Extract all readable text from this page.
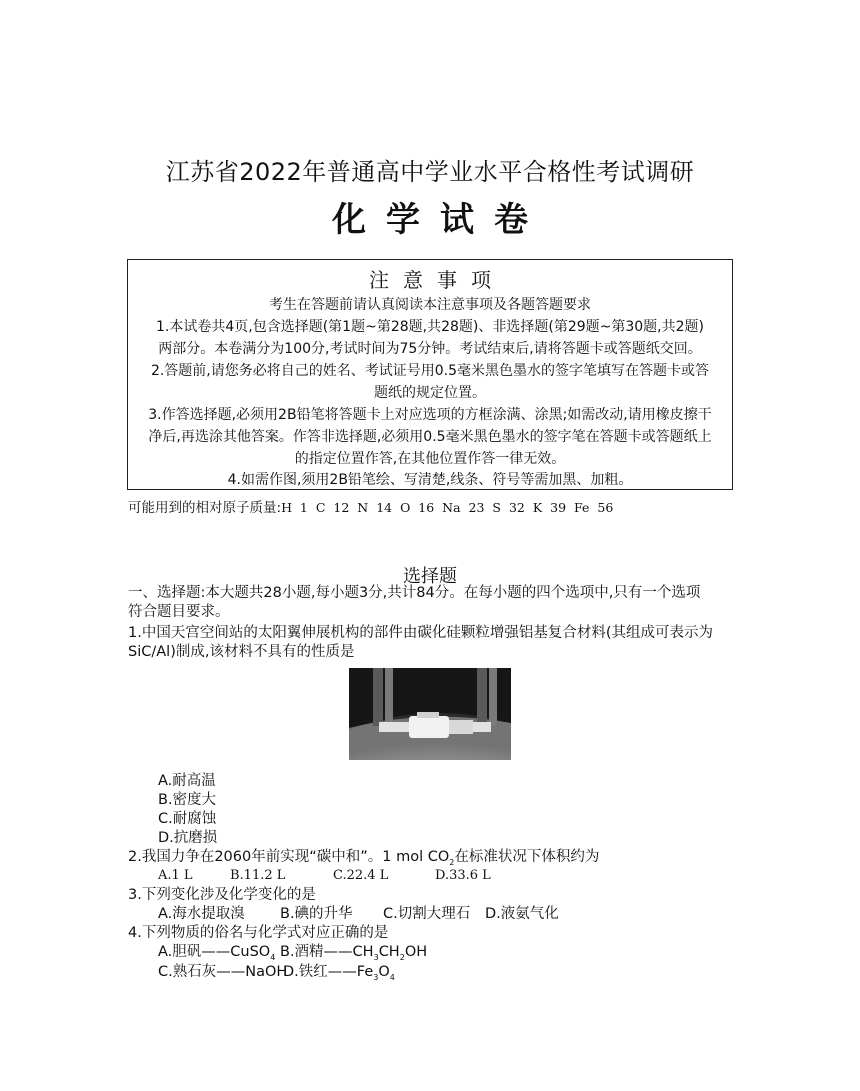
江苏省2022年普通高中学业水平合格性考试调研
化学试卷
注意事项
考生在答题前请认真阅读本注意事项及各题答题要求
1.本试卷共4页,包含选择题(第1题~第28题,共28题)、非选择题(第29题~第30题,共2题)
两部分。本卷满分为100分,考试时间为75分钟。考试结束后,请将答题卡或答题纸交回。
2.答题前,请您务必将自己的姓名、考试证号用0.5毫米黑色墨水的签字笔填写在答题卡或答
题纸的规定位置。
3.作答选择题,必须用2B铅笔将答题卡上对应选项的方框涂满、涂黑;如需改动,请用橡皮擦干
净后,再选涂其他答案。作答非选择题,必须用0.5毫米黑色墨水的签字笔在答题卡或答题纸上
的指定位置作答,在其他位置作答一律无效。
4.如需作图,须用2B铅笔绘、写清楚,线条、符号等需加黑、加粗。
可能用到的相对原子质量:H 1 C 12 N 14 O 16 Na 23 S 32 K 39 Fe 56
选择题
一、选择题:本大题共28小题,每小题3分,共计84分。在每小题的四个选项中,只有一个选项
符合题目要求。
1.中国天宫空间站的太阳翼伸展机构的部件由碳化硅颗粒增强铝基复合材料(其组成可表示为
SiC/Al)制成,该材料不具有的性质是
A.耐高温
B.密度大
C.耐腐蚀
D.抗磨损
2.我国力争在2060年前实现“碳中和”。1 mol $CO_2$在标准状况下体积约为
A.1 L	B.11.2 L	C.22.4 L	D.33.6 L
3.下列变化涉及化学变化的是
A.海水提取溴 B.碘的升华 C.切割大理石 D.液氨气化
4.下列物质的俗名与化学式对应正确的是
A.胆矾——CuSO$_4$ B.酒精$——CH_3CH_2OH$
C.熟石灰——NaOH
D.铁红$——Fe_3O_4$
